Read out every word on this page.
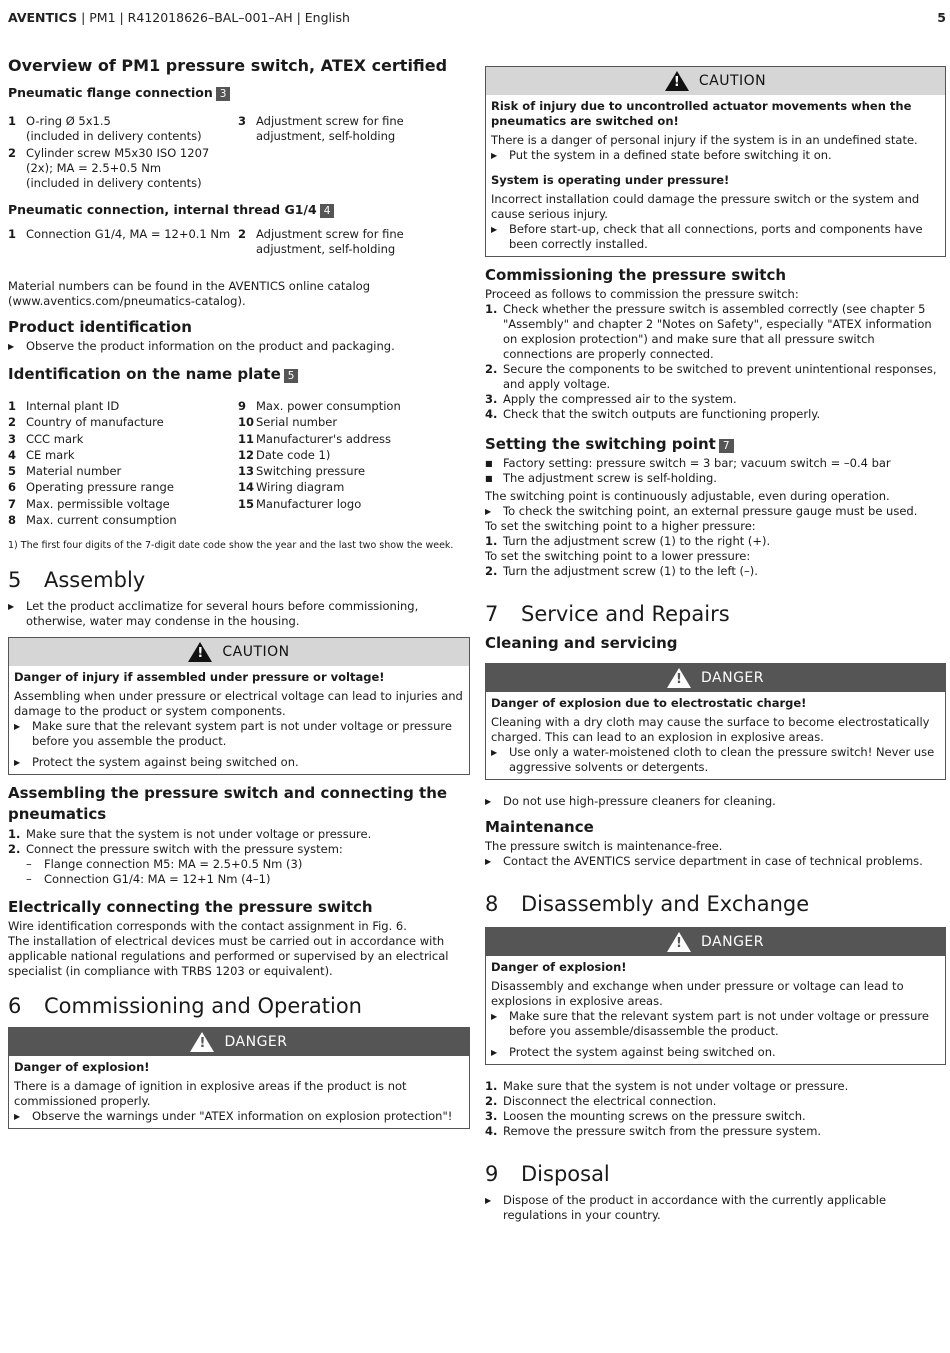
AVENTICS | PM1 | R412018626–BAL–001–AH | English	5
Overview of PM1 pressure switch, ATEX certified
Pneumatic flange connection 3
1 O-ring Ø 5x1.5
(included in delivery contents)
3 Adjustment screw for fine adjustment, self-holding
2 Cylinder screw M5x30 ISO 1207 (2x); MA = 2.5+0.5 Nm
(included in delivery contents)
Pneumatic connection, internal thread G1/4 4
1 Connection G1/4, MA = 12+0.1 Nm 2 Adjustment screw for fine adjustment, self-holding

Material numbers can be found in the AVENTICS online catalog (www.aventics.com/pneumatics-catalog).

Product identification
▶	Observe the product information on the product and packaging.
Identification on the name plate 5
1 Internal plant ID
2 Country of manufacture
3 CCC mark
4 CE mark
5 Material number
6 Operating pressure range
7 Max. permissible voltage
8 Max. current consumption
9 Max. power consumption
10 Serial number
11 Manufacturer's address
12 Date code 1)
13 Switching pressure
14 Wiring diagram
15 Manufacturer logo

1) The first four digits of the 7-digit date code show the year and the last two show the week.

5	Assembly
▶	Let the product acclimatize for several hours before commissioning, otherwise, water may condense in the housing.
!
CAUTION

Danger of injury if assembled under pressure or voltage!

Assembling when under pressure or electrical voltage can lead to injuries and damage to the product or system components.

▶	Make sure that the relevant system part is not under voltage or pressure before you assemble the product.
▶	Protect the system against being switched on.
Assembling the pressure switch and connecting the pneumatics
1. Make sure that the system is not under voltage or pressure.
2. Connect the pressure switch with the pressure system:
–	Flange connection M5: MA = 2.5+0.5 Nm (3)
–	Connection G1/4: MA = 12+1 Nm (4–1)
Electrically connecting the pressure switch

Wire identification corresponds with the contact assignment in Fig. 6.

The installation of electrical devices must be carried out in accordance with applicable national regulations and performed or supervised by an electrical specialist (in compliance with TRBS 1203 or equivalent).

6	Commissioning and Operation
!
DANGER

Danger of explosion!

There is a damage of ignition in explosive areas if the product is not commissioned properly.

▶	Observe the warnings under "ATEX information on explosion protection"!
!
CAUTION

Risk of injury due to uncontrolled actuator movements when the pneumatics are switched on!

There is a danger of personal injury if the system is in an undefined state.

▶	Put the system in a defined state before switching it on.

System is operating under pressure!

Incorrect installation could damage the pressure switch or the system and cause serious injury.

▶	Before start-up, check that all connections, ports and components have been correctly installed.
Commissioning the pressure switch

Proceed as follows to commission the pressure switch:

1. Check whether the pressure switch is assembled correctly (see chapter 5 "Assembly" and chapter 2 "Notes on Safety", especially "ATEX information on explosion protection") and make sure that all pressure switch connections are properly connected.
2. Secure the components to be switched to prevent unintentional responses, and apply voltage.
3. Apply the compressed air to the system.
4. Check that the switch outputs are functioning properly.
Setting the switching point 7
■ Factory setting: pressure switch = 3 bar; vacuum switch = –0.4 bar
■ The adjustment screw is self-holding.

The switching point is continuously adjustable, even during operation.

▶	To check the switching point, an external pressure gauge must be used.

To set the switching point to a higher pressure:

1. Turn the adjustment screw (1) to the right (+).

To set the switching point to a lower pressure:

2. Turn the adjustment screw (1) to the left (–).
7	Service and Repairs
Cleaning and servicing
!
DANGER

Danger of explosion due to electrostatic charge!

Cleaning with a dry cloth may cause the surface to become electrostatically charged. This can lead to an explosion in explosive areas.

▶	Use only a water-moistened cloth to clean the pressure switch! Never use aggressive solvents or detergents.
▶	Do not use high-pressure cleaners for cleaning.
Maintenance

The pressure switch is maintenance-free.

▶	Contact the AVENTICS service department in case of technical problems.
8	Disassembly and Exchange
!
DANGER

Danger of explosion!

Disassembly and exchange when under pressure or voltage can lead to explosions in explosive areas.

▶	Make sure that the relevant system part is not under voltage or pressure before you assemble/disassemble the product.
▶	Protect the system against being switched on.
1. Make sure that the system is not under voltage or pressure.
2. Disconnect the electrical connection.
3. Loosen the mounting screws on the pressure switch.
4. Remove the pressure switch from the pressure system.
9	Disposal
▶	Dispose of the product in accordance with the currently applicable regulations in your country.
